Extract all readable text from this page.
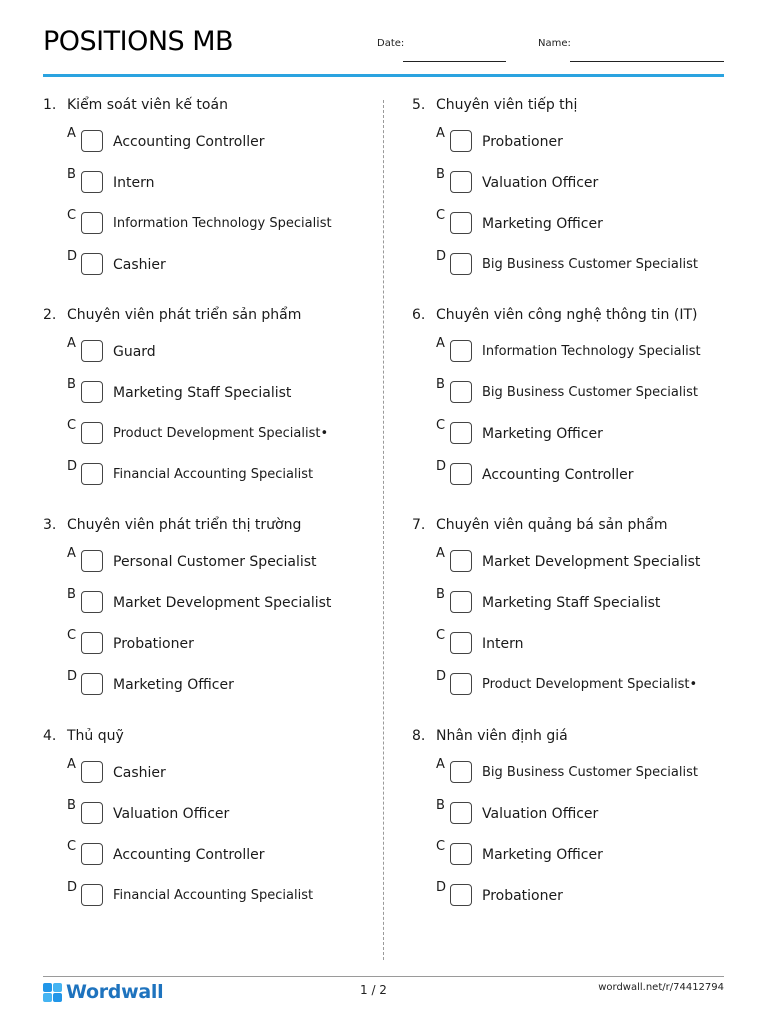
POSITIONS MB	Date:	Name:
1. Kiểm soát viên kế toán
A
Accounting Controller
B
Intern
C
Information Technology Specialist
D
Cashier
2. Chuyên viên phát triển sản phẩm
A
Guard
B
Marketing Staff Specialist
C
Product Development Specialist•
D
Financial Accounting Specialist
3. Chuyên viên phát triển thị trường
A
Personal Customer Specialist
B
Market Development Specialist
C
Probationer
D
Marketing Officer
4. Thủ quỹ
A
Cashier
B
Valuation Officer
C
Accounting Controller
D
Financial Accounting Specialist
5. Chuyên viên tiếp thị
A
Probationer
B
Valuation Officer
C
Marketing Officer
D
Big Business Customer Specialist
6. Chuyên viên công nghệ thông tin (IT)
A
Information Technology Specialist
B
Big Business Customer Specialist
C
Marketing Officer
D
Accounting Controller
7. Chuyên viên quảng bá sản phẩm
A
Market Development Specialist
B
Marketing Staff Specialist
C
Intern
D
Product Development Specialist•
8. Nhân viên định giá
A
Big Business Customer Specialist
B
Valuation Officer
C
Marketing Officer
D
Probationer
Wordwall	1 / 2	wordwall.net/r/74412794
